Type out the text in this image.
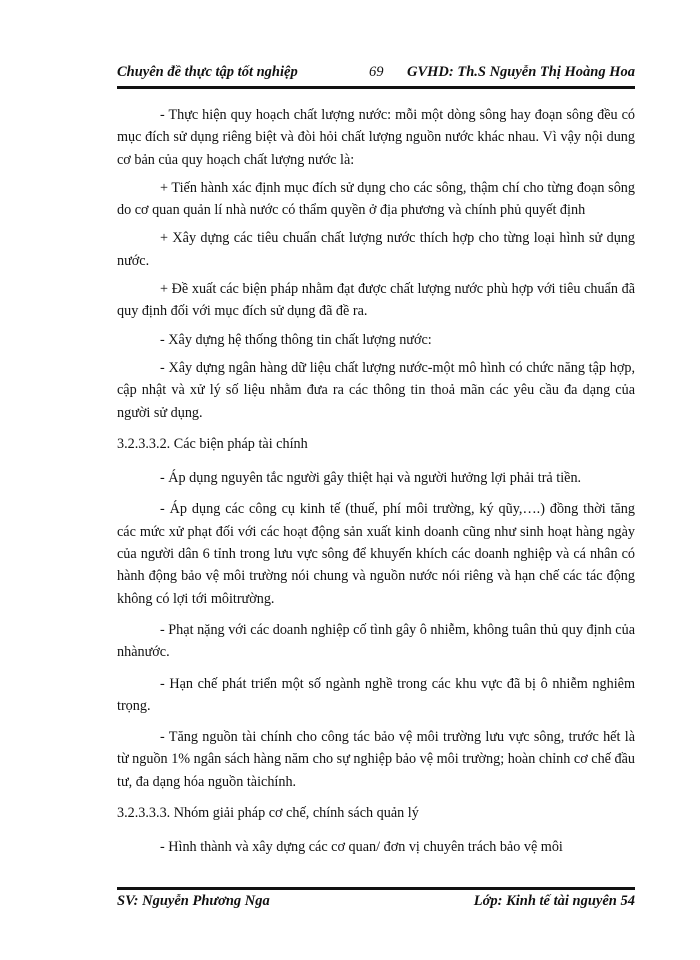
Chuyên đề thực tập tốt nghiệp	69 GVHD: Th.S Nguyễn Thị Hoàng Hoa

- Thực hiện quy hoạch chất lượng nước: mỗi một dòng sông hay đoạn sông đều có mục đích sử dụng riêng biệt và đòi hỏi chất lượng nguồn nước khác nhau. Vì vậy nội dung cơ bản của quy hoạch chất lượng nước là:

+ Tiến hành xác định mục đích sử dụng cho các sông, thậm chí cho từng đoạn sông do cơ quan quản lí nhà nước có thẩm quyền ở địa phương và chính phủ quyết định

+ Xây dựng các tiêu chuẩn chất lượng nước thích hợp cho từng loại hình sử dụng nước.

+ Đề xuất các biện pháp nhằm đạt được chất lượng nước phù hợp với tiêu chuẩn đã quy định đối với mục đích sử dụng đã đề ra.

- Xây dựng hệ thống thông tin chất lượng nước:

- Xây dựng ngân hàng dữ liệu chất lượng nước-một mô hình có chức năng tập hợp, cập nhật và xử lý số liệu nhằm đưa ra các thông tin thoả mãn các yêu cầu đa dạng của người sử dụng.

3.2.3.3.2. Các biện pháp tài chính

- Áp dụng nguyên tắc người gây thiệt hại và người hưởng lợi phải trả tiền.

- Áp dụng các công cụ kinh tế (thuế, phí môi trường, ký qũy,….) đồng thời tăng các mức xử phạt đối với các hoạt động sản xuất kinh doanh cũng như sinh hoạt hàng ngày của người dân 6 tỉnh trong lưu vực sông để khuyến khích các doanh nghiệp và cá nhân có hành động bảo vệ môi trường nói chung và nguồn nước nói riêng và hạn chế các tác động không có lợi tới môitrường.

- Phạt nặng với các doanh nghiệp cố tình gây ô nhiễm, không tuân thủ quy định của nhànước.

- Hạn chế phát triển một số ngành nghề trong các khu vực đã bị ô nhiễm nghiêm trọng.

- Tăng nguồn tài chính cho công tác bảo vệ môi trường lưu vực sông, trước hết là từ nguồn 1% ngân sách hàng năm cho sự nghiệp bảo vệ môi trường; hoàn chỉnh cơ chế đầu tư, đa dạng hóa nguồn tàichính.

3.2.3.3.3. Nhóm giải pháp cơ chế, chính sách quản lý

- Hình thành và xây dựng các cơ quan/ đơn vị chuyên trách bảo vệ môi

SV: Nguyễn Phương Nga	Lớp: Kinh tế tài nguyên 54
